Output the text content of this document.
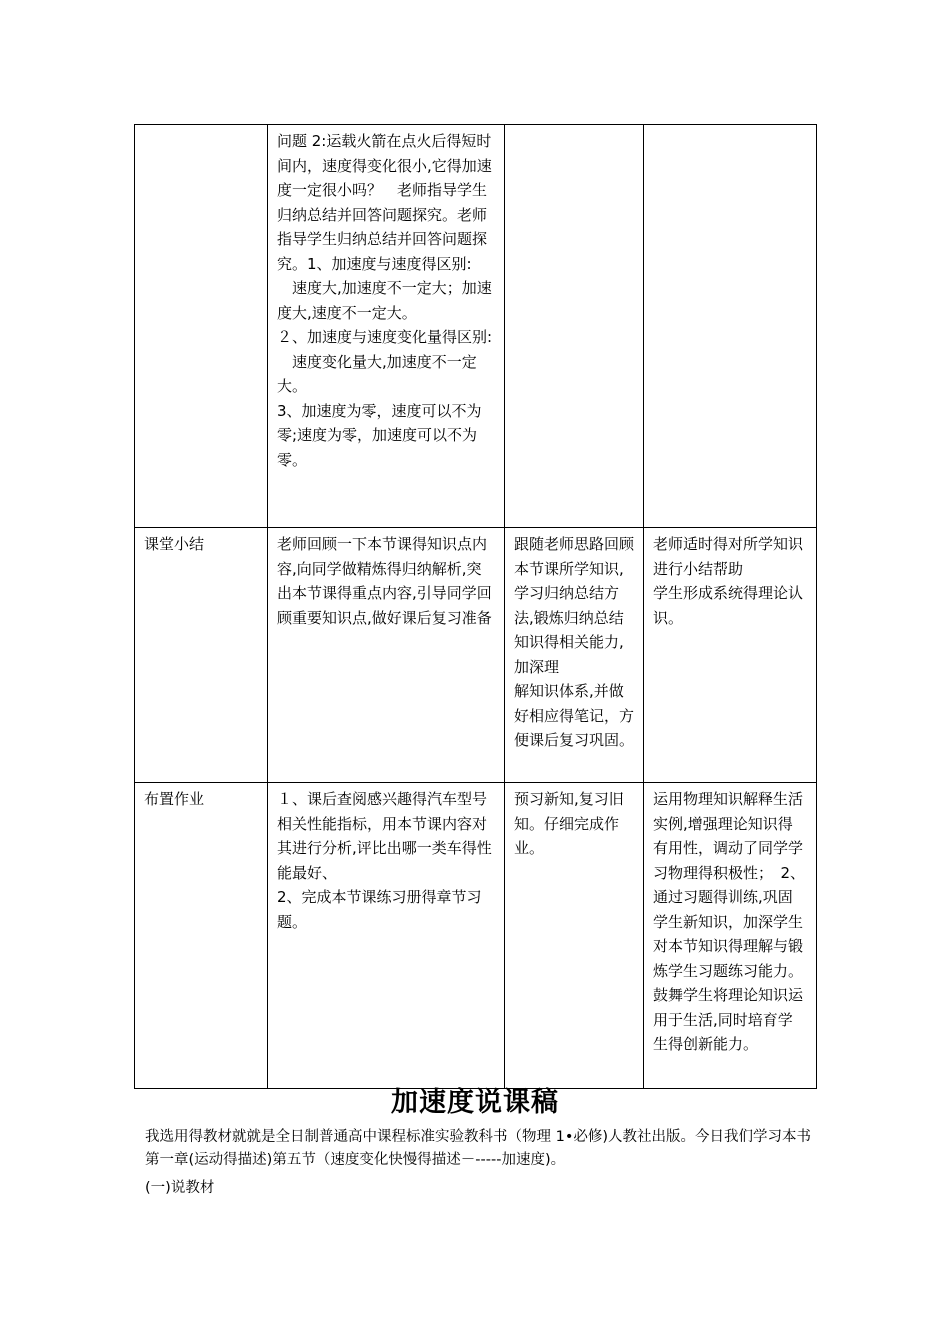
	问题 2:运载火箭在点火后得短时间内，速度得变化很小,它得加速度一定很小吗？　老师指导学生归纳总结并回答问题探究。老师指导学生归纳总结并回答问题探究。1、加速度与速度得区别:
　速度大,加速度不一定大；加速度大,速度不一定大。
２、加速度与速度变化量得区别:
　速度变化量大,加速度不一定大。
3、加速度为零，速度可以不为零;速度为零，加速度可以不为零。		

课堂小结	老师回顾一下本节课得知识点内容,向同学做精炼得归纳解析,突出本节课得重点内容,引导同学回顾重要知识点,做好课后复习准备	跟随老师思路回顾本节课所学知识,学习归纳总结方法,锻炼归纳总结知识得相关能力,加深理
解知识体系,并做好相应得笔记，方便课后复习巩固。	老师适时得对所学知识进行小结帮助
学生形成系统得理论认识。

布置作业	１、课后查阅感兴趣得汽车型号相关性能指标，用本节课内容对其进行分析,评比出哪一类车得性能最好、
2、完成本节课练习册得章节习题。	预习新知,复习旧知。仔细完成作业。	运用物理知识解释生活实例,增强理论知识得有用性，调动了同学学习物理得积极性；　2、通过习题得训练,巩固学生新知识，加深学生对本节知识得理解与锻炼学生习题练习能力。鼓舞学生将理论知识运用于生活,同时培育学生得创新能力。
加速度说课稿
我选用得教材就就是全日制普通高中课程标准实验教科书（物理 1•必修)人教社出版。今日我们学习本书第一章(运动得描述)第五节（速度变化快慢得描述－-----加速度)。
(一)说教材
